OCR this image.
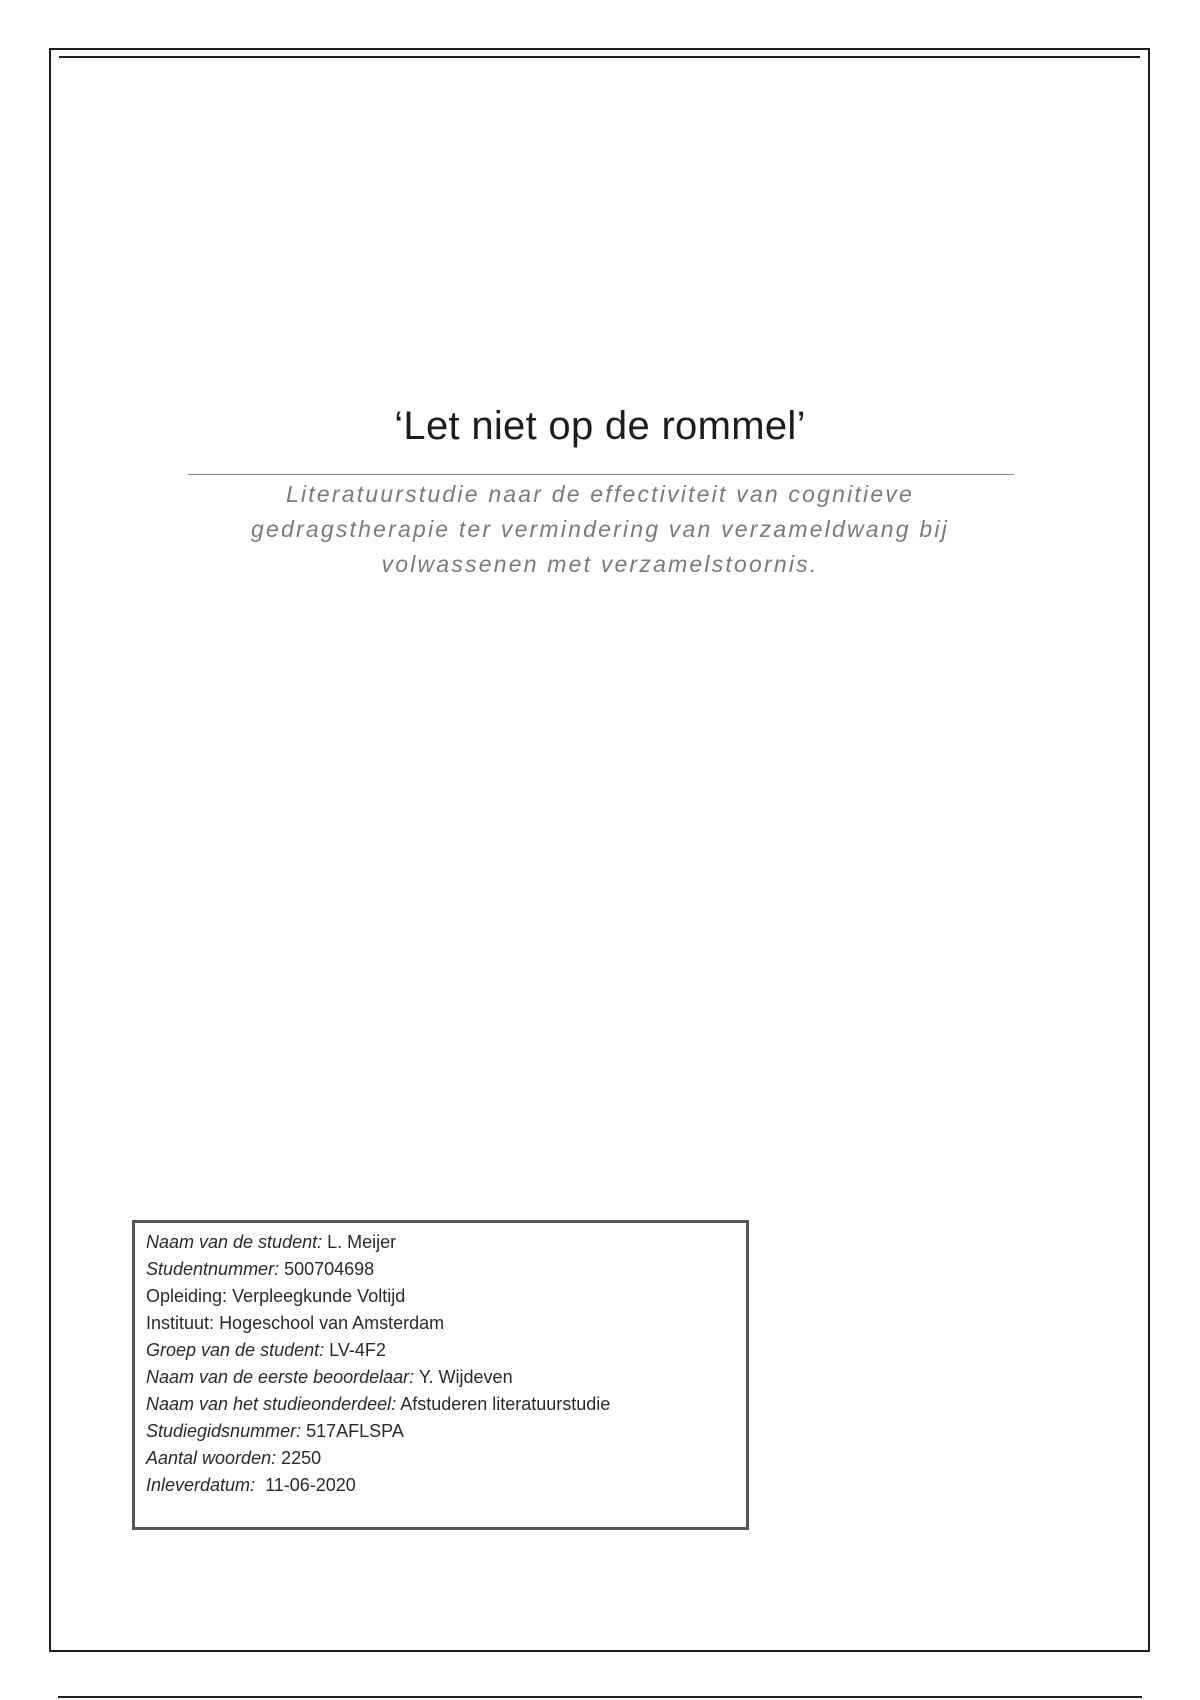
‘Let niet op de rommel’

Literatuurstudie naar de effectiviteit van cognitieve gedragstherapie ter vermindering van verzameldwang bij volwassenen met verzamelstoornis.

Naam van de student: L. Meijer
Studentnummer: 500704698
Opleiding: Verpleegkunde Voltijd
Instituut: Hogeschool van Amsterdam
Groep van de student: LV-4F2
Naam van de eerste beoordelaar: Y. Wijdeven
Naam van het studieonderdeel: Afstuderen literatuurstudie
Studiegidsnummer: 517AFLSPA
Aantal woorden: 2250
Inleverdatum:  11-06-2020
